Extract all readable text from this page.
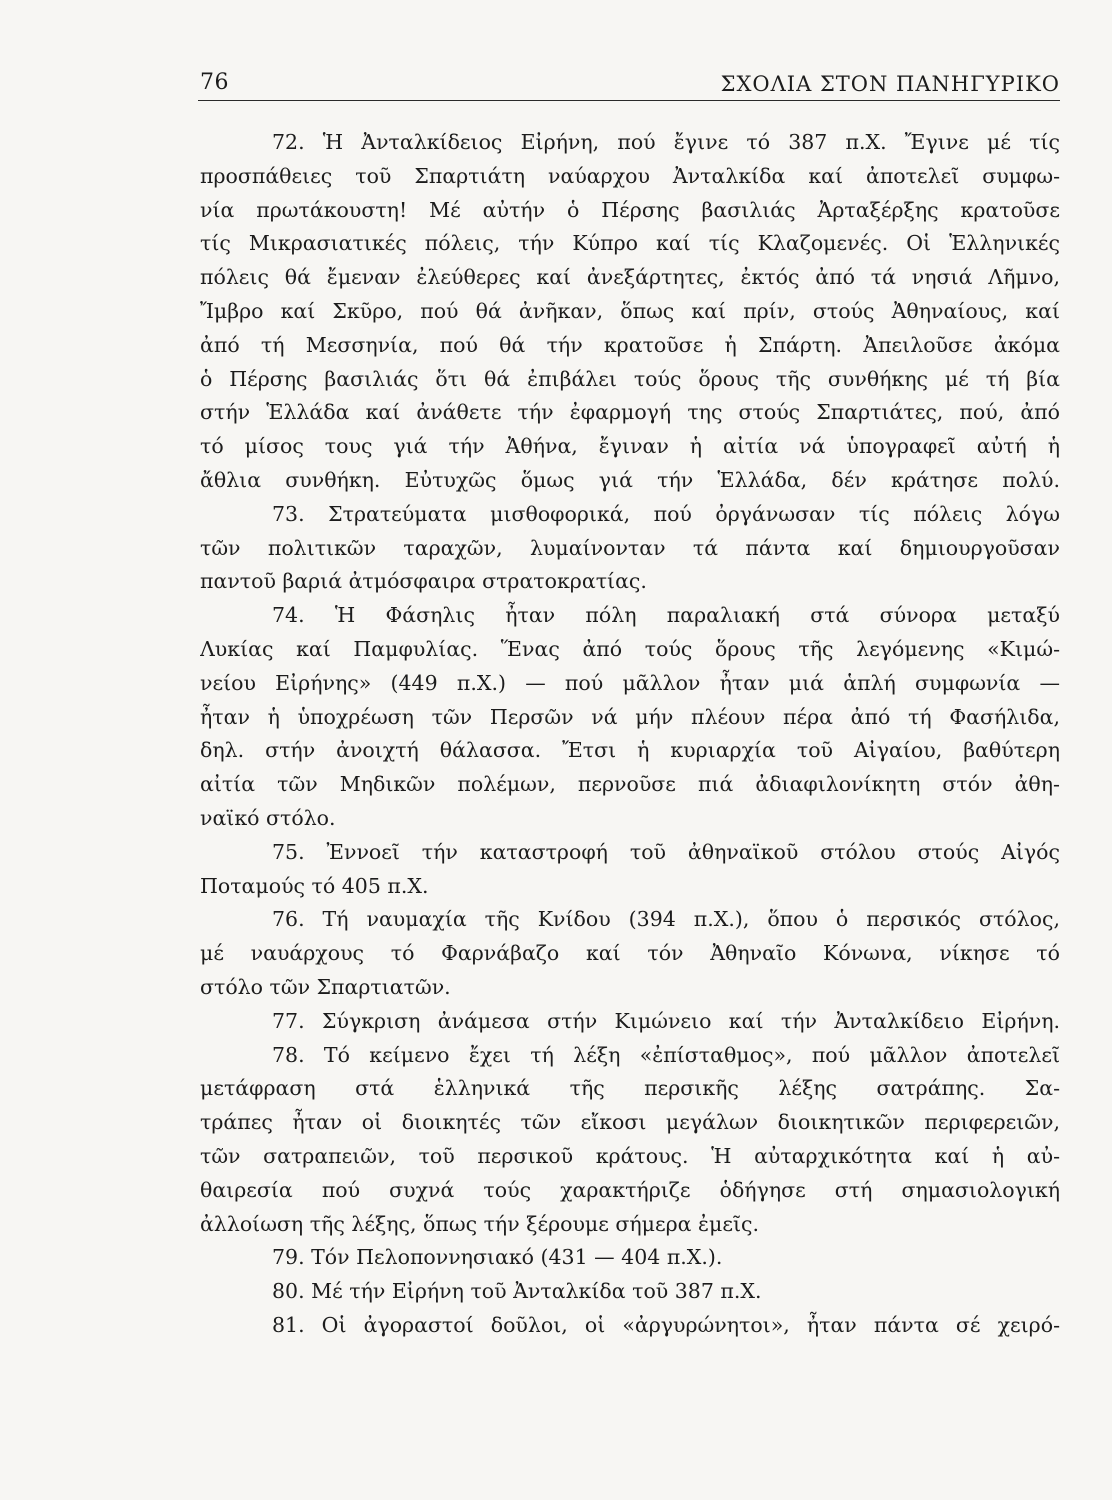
76	ΣΧΟΛΙΑ ΣΤΟΝ ΠΑΝΗΓΥΡΙΚΟ
72. Ἡ Ἀνταλκίδειος Εἰρήνη, πού ἔγινε τό 387 π.Χ. Ἔγινε μέ τίς
προσπάθειες τοῦ Σπαρτιάτη ναύαρχου Ἀνταλκίδα καί ἀποτελεῖ συμφω-
νία πρωτάκουστη! Μέ αὐτήν ὁ Πέρσης βασιλιάς Ἀρταξέρξης κρατοῦσε
τίς Μικρασιατικές πόλεις, τήν Κύπρο καί τίς Κλαζομενές. Οἱ Ἑλληνικές
πόλεις θά ἔμεναν ἐλεύθερες καί ἀνεξάρτητες, ἐκτός ἀπό τά νησιά Λῆμνο,
Ἴμβρο καί Σκῦρο, πού θά ἀνῆκαν, ὅπως καί πρίν, στούς Ἀθηναίους, καί
ἀπό τή Μεσσηνία, πού θά τήν κρατοῦσε ἡ Σπάρτη. Ἀπειλοῦσε ἀκόμα
ὁ Πέρσης βασιλιάς ὅτι θά ἐπιβάλει τούς ὅρους τῆς συνθήκης μέ τή βία
στήν Ἑλλάδα καί ἀνάθετε τήν ἐφαρμογή της στούς Σπαρτιάτες, πού, ἀπό
τό μίσος τους γιά τήν Ἀθήνα, ἔγιναν ἡ αἰτία νά ὑπογραφεῖ αὐτή ἡ
ἄθλια συνθήκη. Εὐτυχῶς ὅμως γιά τήν Ἑλλάδα, δέν κράτησε πολύ.
73. Στρατεύματα μισθοφορικά, πού ὀργάνωσαν τίς πόλεις λόγω
τῶν πολιτικῶν ταραχῶν, λυμαίνονταν τά πάντα καί δημιουργοῦσαν
παντοῦ βαριά ἀτμόσφαιρα στρατοκρατίας.
74. Ἡ Φάσηλις ἦταν πόλη παραλιακή στά σύνορα μεταξύ
Λυκίας καί Παμφυλίας. Ἕνας ἀπό τούς ὅρους τῆς λεγόμενης «Κιμώ-
νείου Εἰρήνης» (449 π.Χ.) — πού μᾶλλον ἦταν μιά ἁπλή συμφωνία —
ἦταν ἡ ὑποχρέωση τῶν Περσῶν νά μήν πλέουν πέρα ἀπό τή Φασήλιδα,
δηλ. στήν ἀνοιχτή θάλασσα. Ἔτσι ἡ κυριαρχία τοῦ Αἰγαίου, βαθύτερη
αἰτία τῶν Μηδικῶν πολέμων, περνοῦσε πιά ἀδιαφιλονίκητη στόν ἀθη-
ναϊκό στόλο.
75. Ἐννοεῖ τήν καταστροφή τοῦ ἀθηναϊκοῦ στόλου στούς Αἰγός
Ποταμούς τό 405 π.Χ.
76. Τή ναυμαχία τῆς Κνίδου (394 π.Χ.), ὅπου ὁ περσικός στόλος,
μέ ναυάρχους τό Φαρνάβαζο καί τόν Ἀθηναῖο Κόνωνα, νίκησε τό
στόλο τῶν Σπαρτιατῶν.
77. Σύγκριση ἀνάμεσα στήν Κιμώνειο καί τήν Ἀνταλκίδειο Εἰρήνη.
78. Τό κείμενο ἔχει τή λέξη «ἐπίσταθμος», πού μᾶλλον ἀποτελεῖ
μετάφραση στά ἑλληνικά τῆς περσικῆς λέξης σατράπης. Σα-
τράπες ἦταν οἱ διοικητές τῶν εἴκοσι μεγάλων διοικητικῶν περιφερειῶν,
τῶν σατραπειῶν, τοῦ περσικοῦ κράτους. Ἡ αὐταρχικότητα καί ἡ αὐ-
θαιρεσία πού συχνά τούς χαρακτήριζε ὁδήγησε στή σημασιολογική
ἀλλοίωση τῆς λέξης, ὅπως τήν ξέρουμε σήμερα ἐμεῖς.
79. Τόν Πελοποννησιακό (431 — 404 π.Χ.).
80. Μέ τήν Εἰρήνη τοῦ Ἀνταλκίδα τοῦ 387 π.Χ.
81. Οἱ ἀγοραστοί δοῦλοι, οἱ «ἀργυρώνητοι», ἦταν πάντα σέ χειρό-
